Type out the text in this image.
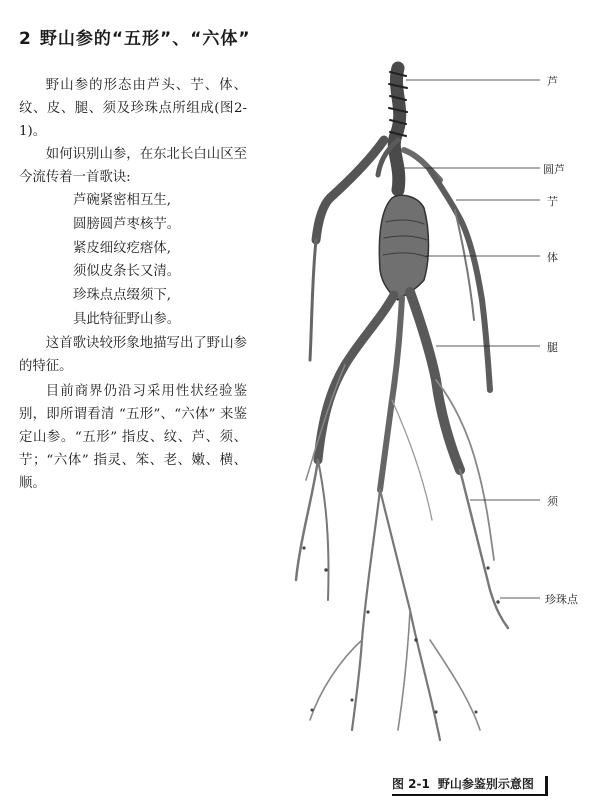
2 野山参的“五形”、“六体”

野山参的形态由芦头、艼、体、纹、皮、腿、须及珍珠点所组成(图2-1)。

如何识别山参，在东北长白山区至今流传着一首歌诀:

芦碗紧密相互生,
圆膀圆芦枣核艼。
紧皮细纹疙瘩体,
须似皮条长又清。
珍珠点点缀须下,
具此特征野山参。

这首歌诀较形象地描写出了野山参的特征。

目前商界仍沿习采用性状经验鉴别，即所谓看清 “五形”、“六体” 来鉴定山参。“五形” 指皮、纹、芦、须、艼；“六体” 指灵、笨、老、嫩、横、顺。

芦
圆芦
艼
体
腿
须
珍珠点
图 2-1 野山参鉴别示意图
